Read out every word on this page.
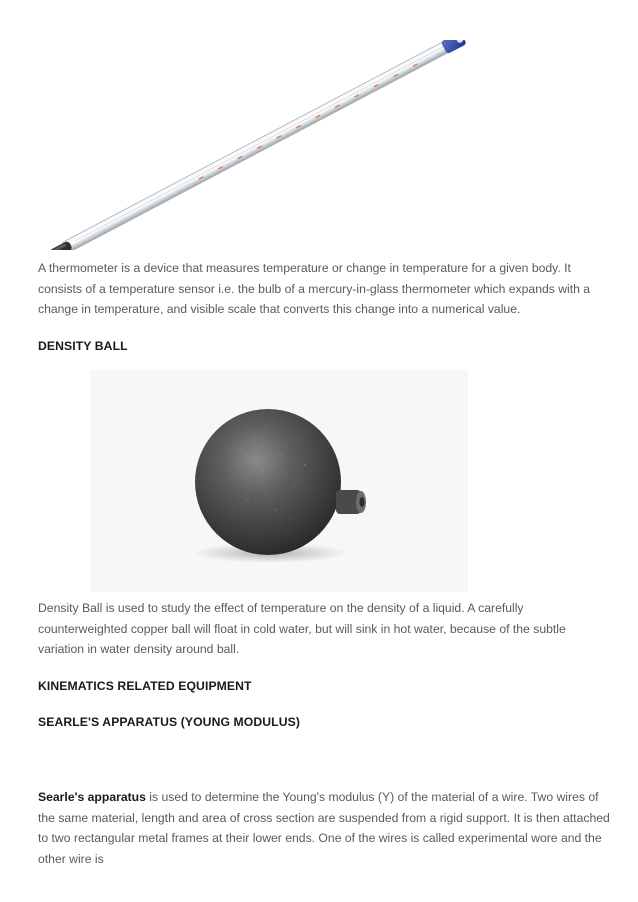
A thermometer is a device that measures temperature or change in temperature for a given body. It consists of a temperature sensor i.e. the bulb of a mercury-in-glass thermometer which expands with a change in temperature, and visible scale that converts this change into a numerical value.

DENSITY BALL

Density Ball is used to study the effect of temperature on the density of a liquid. A carefully counterweighted copper ball will float in cold water, but will sink in hot water, because of the subtle variation in water density around ball.

KINEMATICS RELATED EQUIPMENT

SEARLE'S APPARATUS (YOUNG MODULUS)

Searle's apparatus is used to determine the Young's modulus (Y) of the material of a wire. Two wires of the same material, length and area of cross section are suspended from a rigid support. It is then attached to two rectangular metal frames at their lower ends. One of the wires is called experimental wore and the other wire is
